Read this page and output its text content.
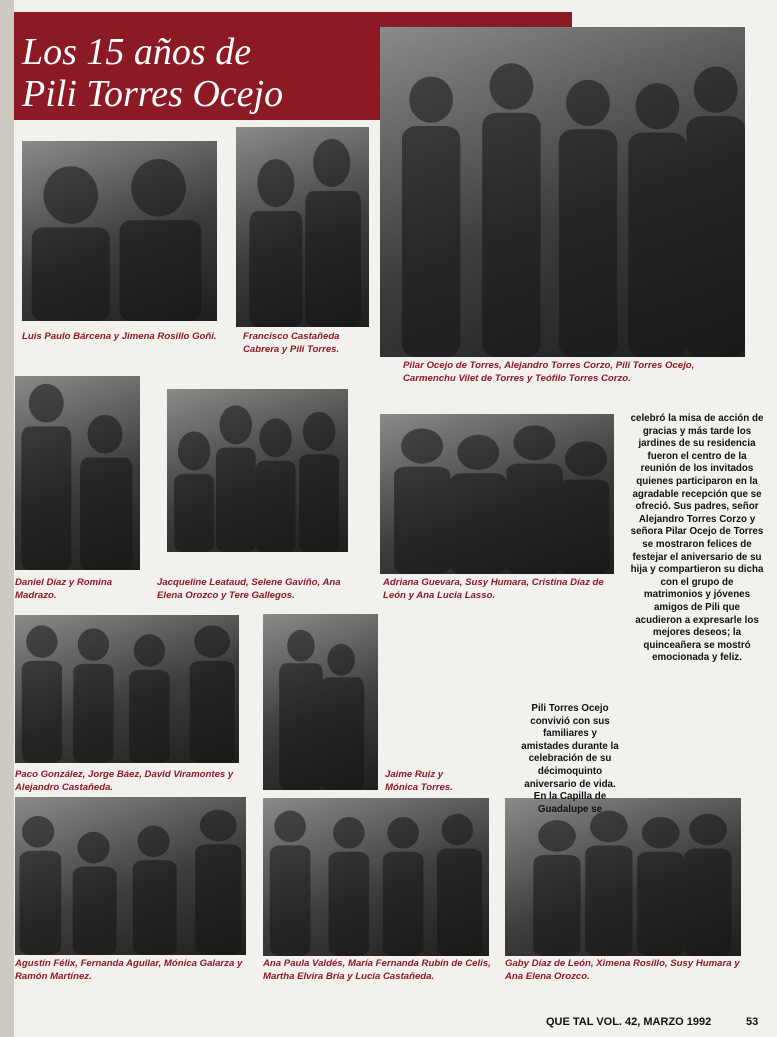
Los 15 años de
Pili Torres Ocejo
Luis Paulo Bárcena y Jimena Rosillo Goñi.	Francisco Castañeda Cabrera y Pili Torres.
Pilar Ocejo de Torres, Alejandro Torres Corzo, Pili Torres Ocejo, Carmenchu Vilet de Torres y Teófilo Torres Corzo.
Daniel Díaz y Romina Madrazo.
Jacqueline Leataud, Selene Gaviño, Ana Elena Orozco y Tere Gallegos.
Adriana Guevara, Susy Humara, Cristina Díaz de León y Ana Lucia Lasso.
Paco González, Jorge Báez, David Viramontes y Alejandro Castañeda.
Jaime Ruiz y Mónica Torres.
Agustín Félix, Fernanda Aguilar, Mónica Galarza y Ramón Martínez.
Ana Paula Valdés, María Fernanda Rubín de Celis, Martha Elvira Bría y Lucía Castañeda.
Gaby Díaz de León, Ximena Rosillo, Susy Humara y Ana Elena Orozco.

Pili Torres Ocejo convivió con sus familiares y amistades durante la celebración de su décimoquinto aniversario de vida. En la Capilla de Guadalupe se

celebró la misa de acción de gracias y más tarde los jardines de su residencia fueron el centro de la reunión de los invitados quienes participaron en la agradable recepción que se ofreció. Sus padres, señor Alejandro Torres Corzo y señora Pilar Ocejo de Torres se mostraron felices de festejar el aniversario de su hija y compartieron su dicha con el grupo de matrimonios y jóvenes amigos de Pili que acudieron a expresarle los mejores deseos; la quinceañera se mostró emocionada y feliz.

QUE TAL VOL. 42, MARZO 1992	53
